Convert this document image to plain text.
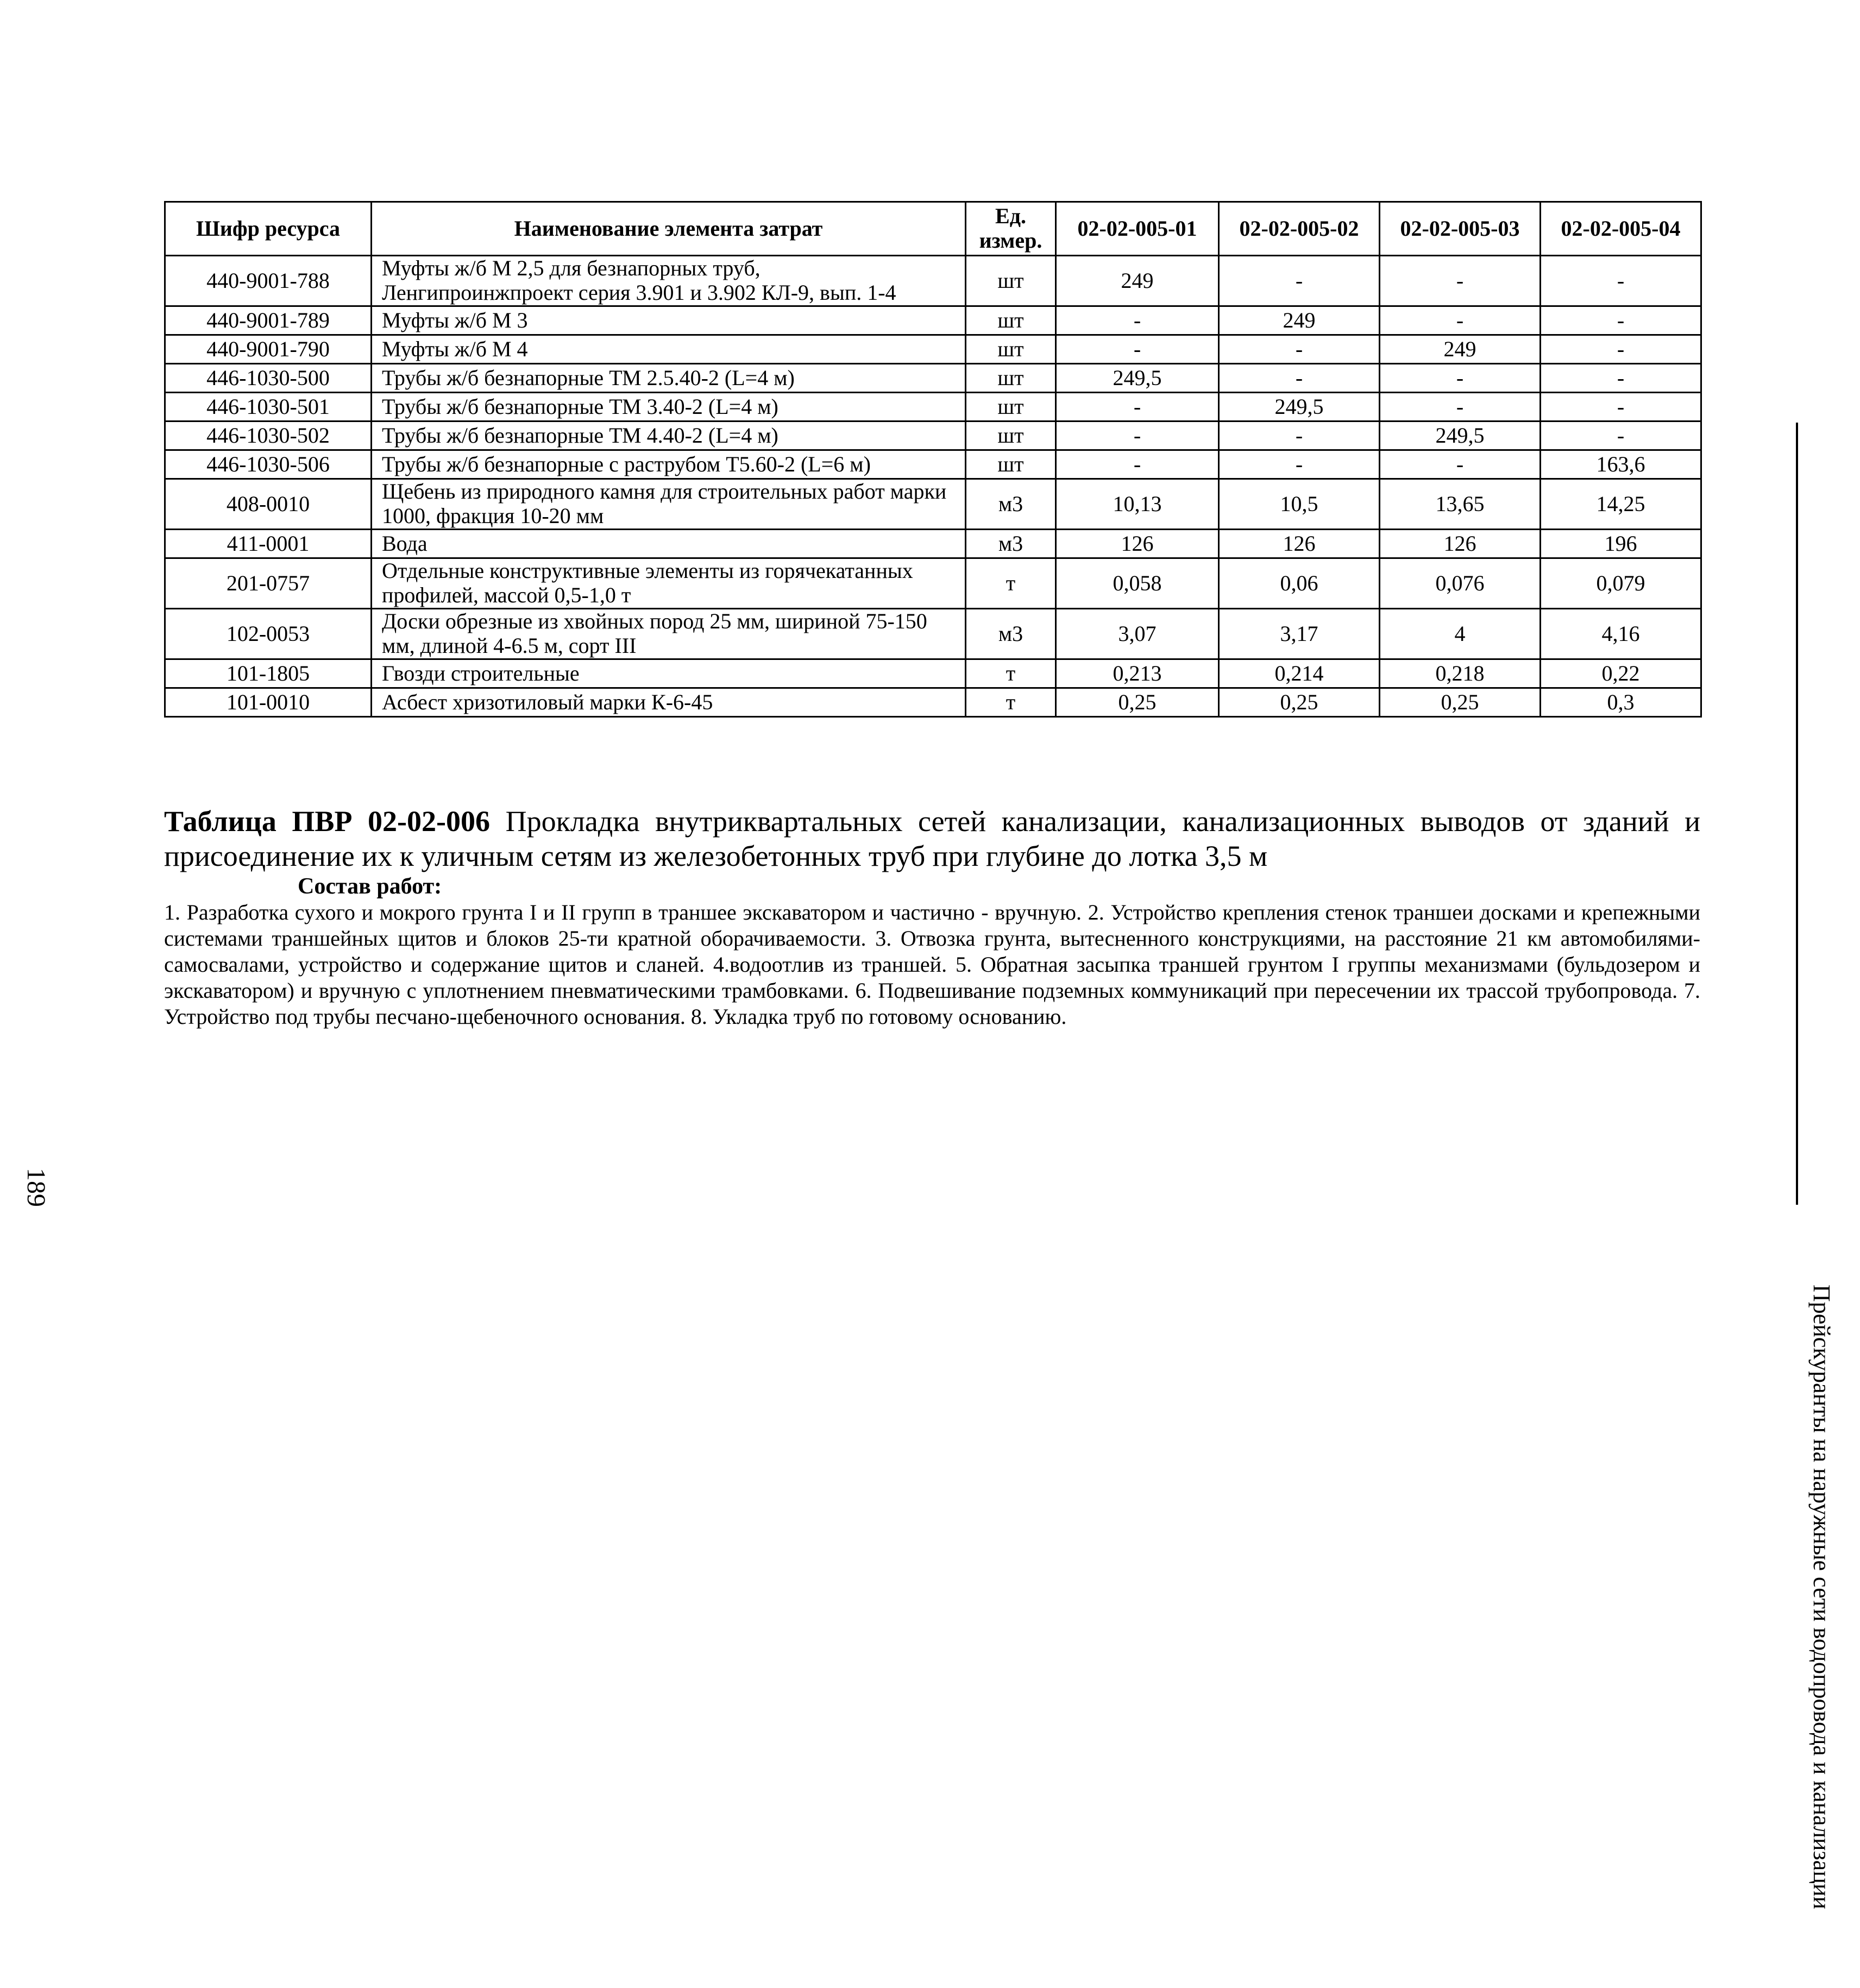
Шифр ресурса	Наименование элемента затрат	Ед. измер.	02-02-005-01	02-02-005-02	02-02-005-03	02-02-005-04
440-9001-788	Муфты ж/б М 2,5 для безнапорных труб, Ленгипроинжпроект серия 3.901 и 3.902 КЛ-9, вып. 1-4	шт	249	-	-	-
440-9001-789	Муфты ж/б М 3	шт	-	249	-	-
440-9001-790	Муфты ж/б М 4	шт	-	-	249	-
446-1030-500	Трубы ж/б безнапорные ТМ 2.5.40-2 (L=4 м)	шт	249,5	-	-	-
446-1030-501	Трубы ж/б безнапорные ТМ 3.40-2 (L=4 м)	шт	-	249,5	-	-
446-1030-502	Трубы ж/б безнапорные ТМ 4.40-2 (L=4 м)	шт	-	-	249,5	-
446-1030-506	Трубы ж/б безнапорные с раструбом Т5.60-2 (L=6 м)	шт	-	-	-	163,6
408-0010	Щебень из природного камня для строительных работ марки 1000, фракция 10-20 мм	м3	10,13	10,5	13,65	14,25
411-0001	Вода	м3	126	126	126	196
201-0757	Отдельные конструктивные элементы из горячекатанных профилей, массой 0,5-1,0 т	т	0,058	0,06	0,076	0,079
102-0053	Доски обрезные из хвойных пород 25 мм, шириной 75-150 мм, длиной 4-6.5 м, сорт III	м3	3,07	3,17	4	4,16
101-1805	Гвозди строительные	т	0,213	0,214	0,218	0,22
101-0010	Асбест хризотиловый марки К-6-45	т	0,25	0,25	0,25	0,3
Таблица ПВР 02-02-006 Прокладка внутриквартальных сетей канализации, канализационных выводов от зданий и присоединение их к уличным сетям из железобетонных труб при глубине до лотка 3,5 м
Состав работ:
1. Разработка сухого и мокрого грунта I и II групп в траншее экскаватором и частично - вручную. 2. Устройство крепления стенок траншеи досками и крепежными системами траншейных щитов и блоков 25-ти кратной оборачиваемости. 3. Отвозка грунта, вытесненного конструкциями, на расстояние 21 км автомобилями-самосвалами, устройство и содержание щитов и сланей. 4.водоотлив из траншей. 5. Обратная засыпка траншей грунтом I группы механизмами (бульдозером и экскаватором) и вручную с уплотнением пневматическими трамбовками. 6. Подвешивание подземных коммуникаций при пересечении их трассой трубопровода. 7. Устройство под трубы песчано-щебеночного основания. 8. Укладка труб по готовому основанию.
Прейскуранты на наружные сети водопровода и канализации
189
